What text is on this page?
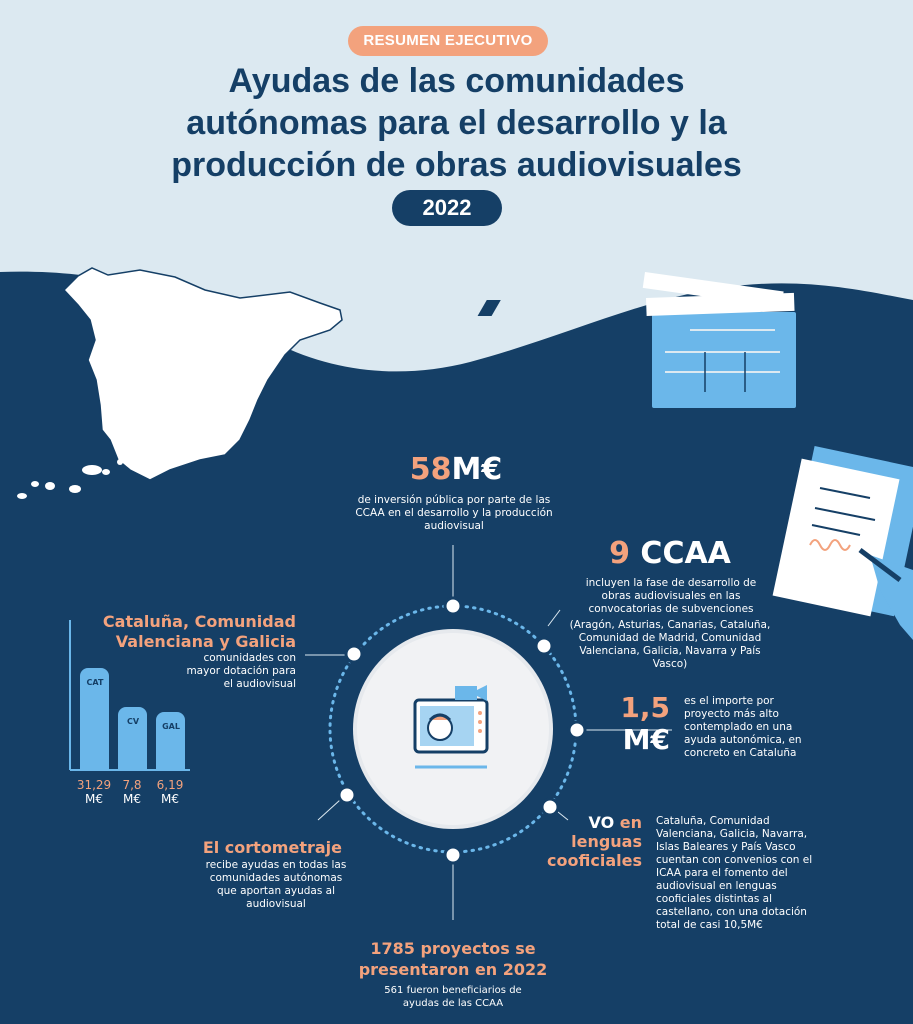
RESUMEN EJECUTIVO
Ayudas de las comunidades
autónomas para el desarrollo y la
producción de obras audiovisuales
2022
58M€
de inversión pública por parte de las CCAA en el desarrollo y la producción audiovisual
9 CCAA
incluyen la fase de desarrollo de obras audiovisuales en las convocatorias de subvenciones
(Aragón, Asturias, Canarias, Cataluña, Comunidad de Madrid, Comunidad Valenciana, Galicia, Navarra y País Vasco)
1,5
M€
es el importe por proyecto más alto contemplado en una ayuda autonómica, en concreto en Cataluña
VO en
lenguas
cooficiales
Cataluña, Comunidad Valenciana, Galicia, Navarra, Islas Baleares y País Vasco cuentan con convenios con el ICAA para el fomento del audiovisual en lenguas cooficiales distintas al castellano, con una dotación total de casi 10,5M€
1785 proyectos se
presentaron en 2022
561 fueron beneficiarios de ayudas de las CCAA
El cortometraje
recibe ayudas en todas las comunidades autónomas que aportan ayudas al audiovisual
Cataluña, Comunidad
Valenciana y Galicia
comunidades con mayor dotación para el audiovisual
CAT
31,29
M€
CV
7,8
M€
GAL
6,19
M€
